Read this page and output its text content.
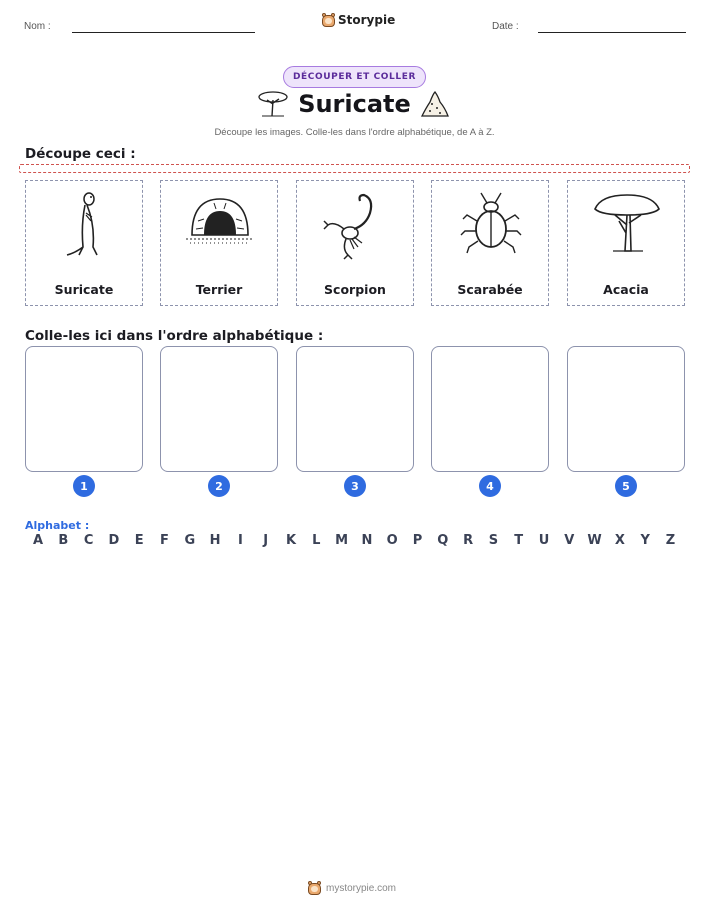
Nom :	Storypie	Date :
DÉCOUPER ET COLLER
Suricate
Découpe les images. Colle-les dans l'ordre alphabétique, de A à Z.
Découpe ceci :
Suricate	Terrier	Scorpion	Scarabée	Acacia
Colle-les ici dans l'ordre alphabétique :
1	2	3	4	5
Alphabet :
A	B	C	D	E	F	G	H	I	J	K	L	M	N	O	P	Q	R	S	T	U	V	W	X	Y	Z
mystorypie.com
